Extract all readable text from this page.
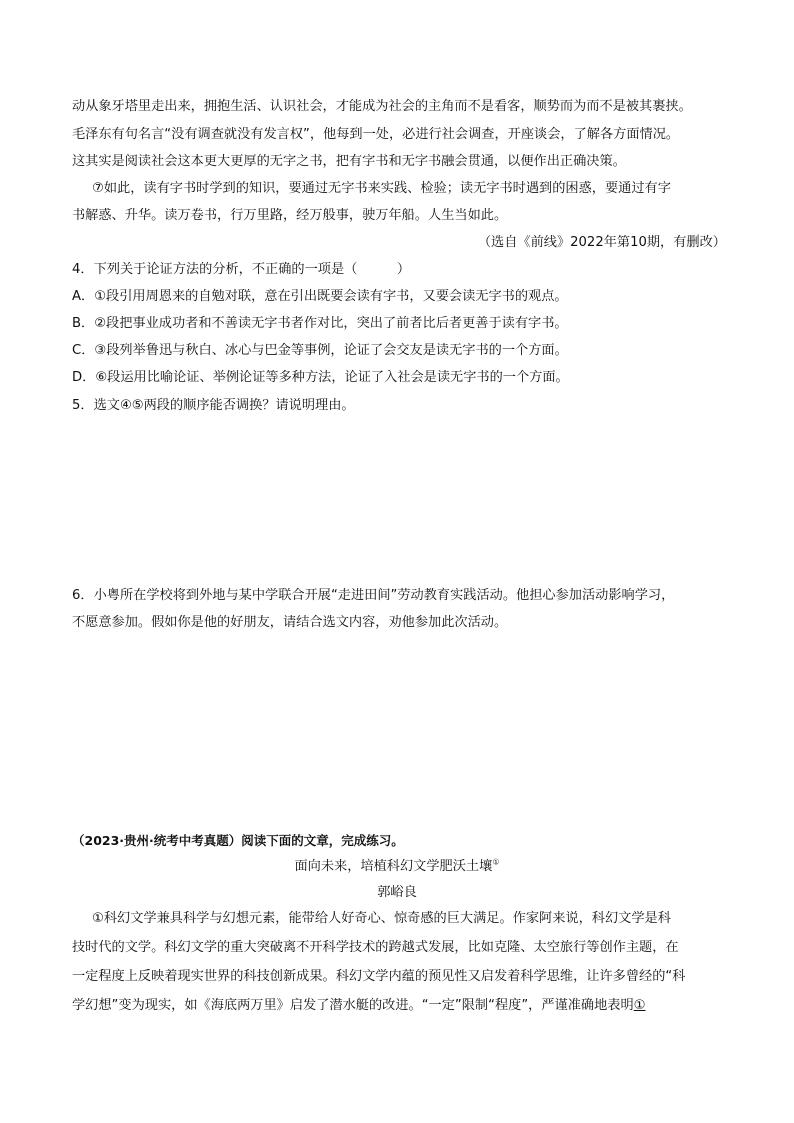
动从象牙塔里走出来，拥抱生活、认识社会，才能成为社会的主角而不是看客，顺势而为而不是被其裹挟。
毛泽东有句名言“没有调查就没有发言权”，他每到一处，必进行社会调查，开座谈会，了解各方面情况。
这其实是阅读社会这本更大更厚的无字之书，把有字书和无字书融会贯通，以便作出正确决策。
⑦如此，读有字书时学到的知识，要通过无字书来实践、检验；读无字书时遇到的困惑，要通过有字
书解惑、升华。读万卷书，行万里路，经万般事，驶万年船。人生当如此。
（选自《前线》2022年第10期，有删改）
4．下列关于论证方法的分析，不正确的一项是（　　　）
A．①段引用周恩来的自勉对联，意在引出既要会读有字书，又要会读无字书的观点。
B．②段把事业成功者和不善读无字书者作对比，突出了前者比后者更善于读有字书。
C．③段列举鲁迅与秋白、冰心与巴金等事例，论证了会交友是读无字书的一个方面。
D．⑥段运用比喻论证、举例论证等多种方法，论证了入社会是读无字书的一个方面。
5．选文④⑤两段的顺序能否调换？请说明理由。
6．小粤所在学校将到外地与某中学联合开展“走进田间”劳动教育实践活动。他担心参加活动影响学习，
不愿意参加。假如你是他的好朋友，请结合选文内容，劝他参加此次活动。
（2023·贵州·统考中考真题）阅读下面的文章，完成练习。
面向未来，培植科幻文学肥沃土壤①
郭峪良
①科幻文学兼具科学与幻想元素，能带给人好奇心、惊奇感的巨大满足。作家阿来说，科幻文学是科
技时代的文学。科幻文学的重大突破离不开科学技术的跨越式发展，比如克隆、太空旅行等创作主题，在
一定程度上反映着现实世界的科技创新成果。科幻文学内蕴的预见性又启发着科学思维，让许多曾经的“科
学幻想”变为现实，如《海底两万里》启发了潜水艇的改进。“一定”限制“程度”，严谨准确地表明①
